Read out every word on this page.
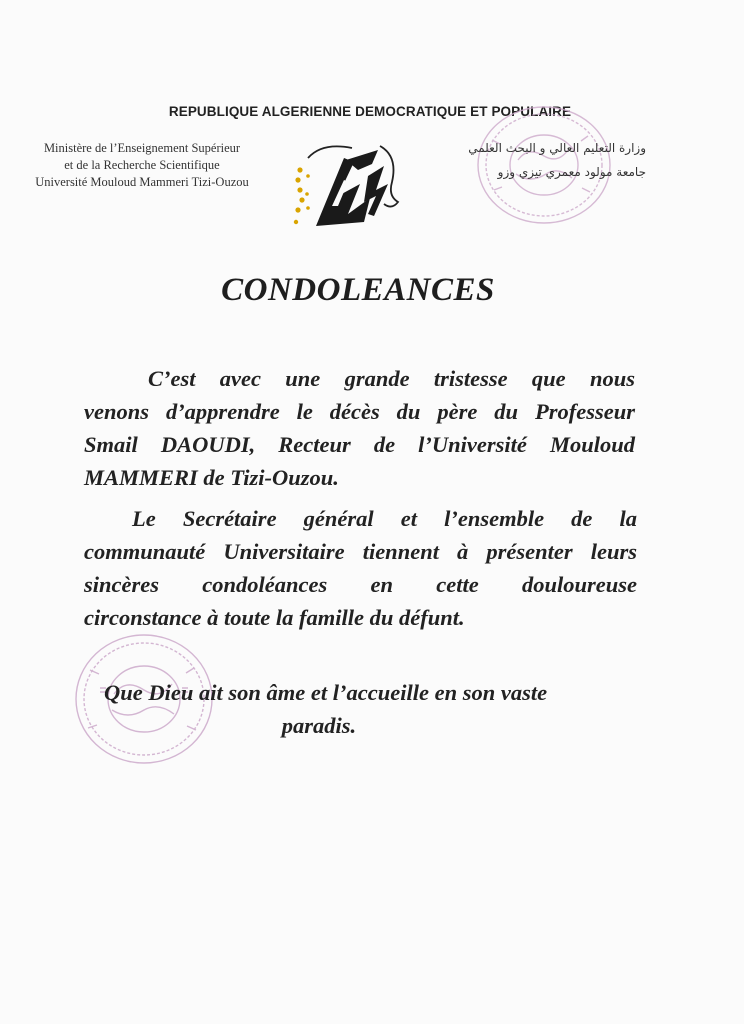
REPUBLIQUE ALGERIENNE DEMOCRATIQUE ET POPULAIRE
Ministère de l’Enseignement Supérieur
et de la Recherche Scientifique
Université Mouloud Mammeri Tizi-Ouzou
وزارة التعليم العالي و البحث العلمي
جامعة مولود معمري تيزي وزو
CONDOLEANCES
C’est avec une grande tristesse que nous
venons d’apprendre le décès du père du Professeur
Smail DAOUDI, Recteur de l’Université Mouloud
MAMMERI de Tizi-Ouzou.
Le Secrétaire général et l’ensemble de la
communauté Universitaire tiennent à présenter leurs
sincères condoléances en cette douloureuse
circonstance à toute la famille du défunt.
Que Dieu ait son âme et l’accueille en son vaste
paradis.
